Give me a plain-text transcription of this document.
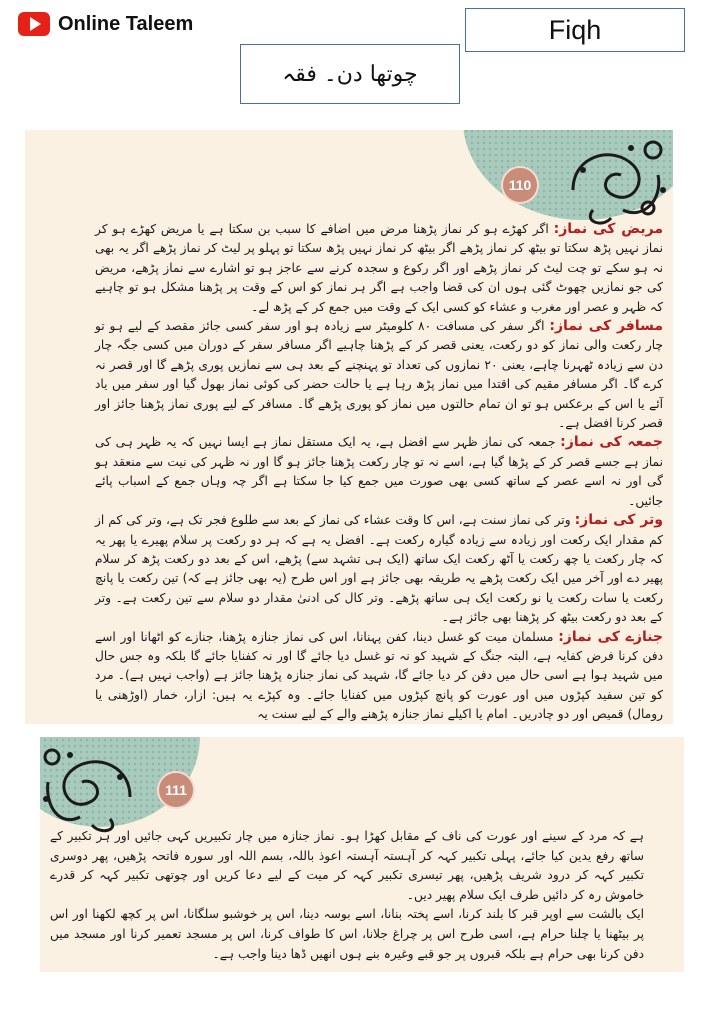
Online Taleem	Fiqh
چوتھا دن۔ فقہ
110

مریض کی نماز: اگر کھڑے ہو کر نماز پڑھنا مرض میں اضافے کا سبب بن سکتا ہے یا مریض کھڑے ہو کر نماز نہیں پڑھ سکتا تو بیٹھ کر نماز پڑھے اگر بیٹھ کر نماز نہیں پڑھ سکتا تو پہلو پر لیٹ کر نماز پڑھے اگر یہ بھی نہ ہو سکے تو چت لیٹ کر نماز پڑھے اور اگر رکوع و سجدہ کرنے سے عاجز ہو تو اشارے سے نماز پڑھے، مریض کی جو نمازیں چھوٹ گئی ہوں ان کی قضا واجب ہے اگر ہر نماز کو اس کے وقت پر پڑھنا مشکل ہو تو چاہیے کہ ظہر و عصر اور مغرب و عشاء کو کسی ایک کے وقت میں جمع کر کے پڑھ لے۔

مسافر کی نماز: اگر سفر کی مسافت ۸۰ کلومیٹر سے زیادہ ہو اور سفر کسی جائز مقصد کے لیے ہو تو چار رکعت والی نماز کو دو رکعت، یعنی قصر کر کے پڑھنا چاہیے اگر مسافر سفر کے دوران میں کسی جگہ چار دن سے زیادہ ٹھہرنا چاہے، یعنی ۲۰ نمازوں کی تعداد تو پہنچنے کے بعد ہی سے نمازیں پوری پڑھے گا اور قصر نہ کرے گا۔ اگر مسافر مقیم کی اقتدا میں نماز پڑھ رہا ہے یا حالت حضر کی کوئی نماز بھول گیا اور سفر میں یاد آئے یا اس کے برعکس ہو تو ان تمام حالتوں میں نماز کو پوری پڑھے گا۔ مسافر کے لیے پوری نماز پڑھنا جائز اور قصر کرنا افضل ہے۔

جمعہ کی نماز: جمعہ کی نماز ظہر سے افضل ہے، یہ ایک مستقل نماز ہے ایسا نہیں کہ یہ ظہر ہی کی نماز ہے جسے قصر کر کے پڑھا گیا ہے، اسے نہ تو چار رکعت پڑھنا جائز ہو گا اور نہ ظہر کی نیت سے منعقد ہو گی اور نہ اسے عصر کے ساتھ کسی بھی صورت میں جمع کیا جا سکتا ہے اگر چہ وہاں جمع کے اسباب پائے جائیں۔

وتر کی نماز: وتر کی نماز سنت ہے، اس کا وقت عشاء کی نماز کے بعد سے طلوع فجر تک ہے، وتر کی کم از کم مقدار ایک رکعت اور زیادہ سے زیادہ گیارہ رکعت ہے۔ افضل یہ ہے کہ ہر دو رکعت پر سلام پھیرے یا پھر یہ کہ چار رکعت یا چھ رکعت یا آٹھ رکعت ایک ساتھ (ایک ہی تشہد سے) پڑھے، اس کے بعد دو رکعت پڑھ کر سلام پھیر دے اور آخر میں ایک رکعت پڑھے یہ طریقہ بھی جائز ہے اور اس طرح (یہ بھی جائز ہے کہ) تین رکعت یا پانچ رکعت یا سات رکعت یا نو رکعت ایک ہی ساتھ پڑھے۔ وتر کال کی ادنیٰ مقدار دو سلام سے تین رکعت ہے۔ وتر کے بعد دو رکعت بیٹھ کر پڑھنا بھی جائز ہے۔

جنازے کی نماز: مسلمان میت کو غسل دینا، کفن پہنانا، اس کی نماز جنازہ پڑھنا، جنازے کو اٹھانا اور اسے دفن کرنا فرض کفایہ ہے، البتہ جنگ کے شہید کو نہ تو غسل دیا جائے گا اور نہ کفنایا جائے گا بلکہ وہ جس حال میں شہید ہوا ہے اسی حال میں دفن کر دیا جائے گا، شہید کی نماز جنازہ پڑھنا جائز ہے (واجب نہیں ہے)۔ مرد کو تین سفید کپڑوں میں اور عورت کو پانچ کپڑوں میں کفنایا جائے۔ وہ کپڑے یہ ہیں: ازار، خمار (اوڑھنی یا رومال) قمیص اور دو چادریں۔ امام یا اکیلے نماز جنازہ پڑھنے والے کے لیے سنت یہ

111

ہے کہ مرد کے سینے اور عورت کی ناف کے مقابل کھڑا ہو۔ نماز جنازہ میں چار تکبیریں کہی جائیں اور ہر تکبیر کے ساتھ رفع یدین کیا جائے، پہلی تکبیر کہہ کر آہستہ آہستہ اعوذ باللہ، بسم اللہ اور سورہ فاتحہ پڑھیں، پھر دوسری تکبیر کہہ کر درود شریف پڑھیں، پھر تیسری تکبیر کہہ کر میت کے لیے دعا کریں اور چوتھی تکبیر کہہ کر قدرے خاموش رہ کر دائیں طرف ایک سلام پھیر دیں۔

ایک بالشت سے اوپر قبر کا بلند کرنا، اسے پختہ بنانا، اسے بوسہ دینا، اس پر خوشبو سلگانا، اس پر کچھ لکھنا اور اس پر بیٹھنا یا چلنا حرام ہے، اسی طرح اس پر چراغ جلانا، اس کا طواف کرنا، اس پر مسجد تعمیر کرنا اور مسجد میں دفن کرنا بھی حرام ہے بلکہ قبروں پر جو قبے وغیرہ بنے ہوں انھیں ڈھا دینا واجب ہے۔
